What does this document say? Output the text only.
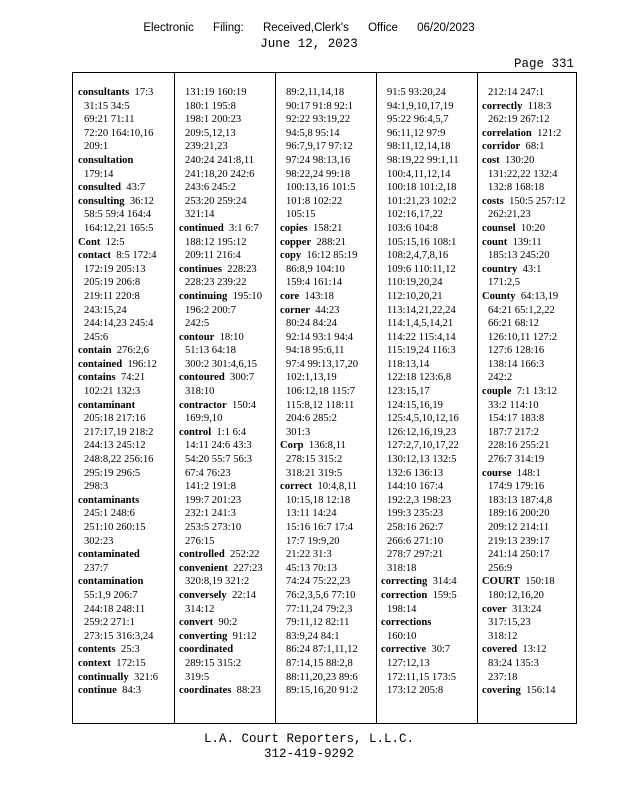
Electronic Filing: Received,Clerk's Office 06/20/2023
June 12, 2023
Page 331
consultants 17:3
31:15 34:5
69:21 71:11
72:20 164:10,16
209:1
consultation
179:14
consulted 43:7
consulting 36:12
58:5 59:4 164:4
164:12,21 165:5
Cont 12:5
contact 8:5 172:4
172:19 205:13
205:19 206:8
219:11 220:8
243:15,24
244:14,23 245:4
245:6
contain 276:2,6
contained 196:12
contains 74:21
102:21 132:3
contaminant
205:18 217:16
217:17,19 218:2
244:13 245:12
248:8,22 256:16
295:19 296:5
298:3
contaminants
245:1 248:6
251:10 260:15
302:23
contaminated
237:7
contamination
55:1,9 206:7
244:18 248:11
259:2 271:1
273:15 316:3,24
contents 25:3
context 172:15
continually 321:6
continue 84:3
131:19 160:19
180:1 195:8
198:1 200:23
209:5,12,13
239:21,23
240:24 241:8,11
241:18,20 242:6
243:6 245:2
253:20 259:24
321:14
continued 3:1 6:7
188:12 195:12
209:11 216:4
continues 228:23
228:23 239:22
continuing 195:10
196:2 200:7
242:5
contour 18:10
51:13 64:18
300:2 301:4,6,15
contoured 300:7
318:10
contractor 150:4
169:9,10
control 1:1 6:4
14:11 24:6 43:3
54:20 55:7 56:3
67:4 76:23
141:2 191:8
199:7 201:23
232:1 241:3
253:5 273:10
276:15
controlled 252:22
convenient 227:23
320:8,19 321:2
conversely 22:14
314:12
convert 90:2
converting 91:12
coordinated
289:15 315:2
319:5
coordinates 88:23
89:2,11,14,18
90:17 91:8 92:1
92:22 93:19,22
94:5,8 95:14
96:7,9,17 97:12
97:24 98:13,16
98:22,24 99:18
100:13,16 101:5
101:8 102:22
105:15
copies 158:21
copper 288:21
copy 16:12 85:19
86:8,9 104:10
159:4 161:14
core 143:18
corner 44:23
80:24 84:24
92:14 93:1 94:4
94:18 95:6,11
97:4 99:13,17,20
102:1,13,19
106:12,18 115:7
115:8,12 118:11
204:6 285:2
301:3
Corp 136:8,11
278:15 315:2
318:21 319:5
correct 10:4,8,11
10:15,18 12:18
13:11 14:24
15:16 16:7 17:4
17:7 19:9,20
21:22 31:3
45:13 70:13
74:24 75:22,23
76:2,3,5,6 77:10
77:11,24 79:2,3
79:11,12 82:11
83:9,24 84:1
86:24 87:1,11,12
87:14,15 88:2,8
88:11,20,23 89:6
89:15,16,20 91:2
91:5 93:20,24
94:1,9,10,17,19
95:22 96:4,5,7
96:11,12 97:9
98:11,12,14,18
98:19,22 99:1,11
100:4,11,12,14
100:18 101:2,18
101:21,23 102:2
102:16,17,22
103:6 104:8
105:15,16 108:1
108:2,4,7,8,16
109:6 110:11,12
110:19,20,24
112:10,20,21
113:14,21,22,24
114:1,4,5,14,21
114:22 115:4,14
115:19,24 116:3
118:13,14
122:18 123:6,8
123:15,17
124:15,16,19
125:4,5,10,12,16
126:12,16,19,23
127:2,7,10,17,22
130:12,13 132:5
132:6 136:13
144:10 167:4
192:2,3 198:23
199:3 235:23
258:16 262:7
266:6 271:10
278:7 297:21
318:18
correcting 314:4
correction 159:5
198:14
corrections
160:10
corrective 30:7
127:12,13
172:11,15 173:5
173:12 205:8
212:14 247:1
correctly 118:3
262:19 267:12
correlation 121:2
corridor 68:1
cost 130:20
131:22,22 132:4
132:8 168:18
costs 150:5 257:12
262:21,23
counsel 10:20
count 139:11
185:13 245:20
country 43:1
171:2,5
County 64:13,19
64:21 65:1,2,22
66:21 68:12
126:10,11 127:2
127:6 128:16
138:14 166:3
242:2
couple 7:1 13:12
33:2 114:10
154:17 183:8
187:7 217:2
228:16 255:21
276:7 314:19
course 148:1
174:9 179:16
183:13 187:4,8
189:16 200:20
209:12 214:11
219:13 239:17
241:14 250:17
256:9
COURT 150:18
180:12,16,20
cover 313:24
317:15,23
318:12
covered 13:12
83:24 135:3
237:18
covering 156:14
L.A. Court Reporters, L.L.C.
312-419-9292
